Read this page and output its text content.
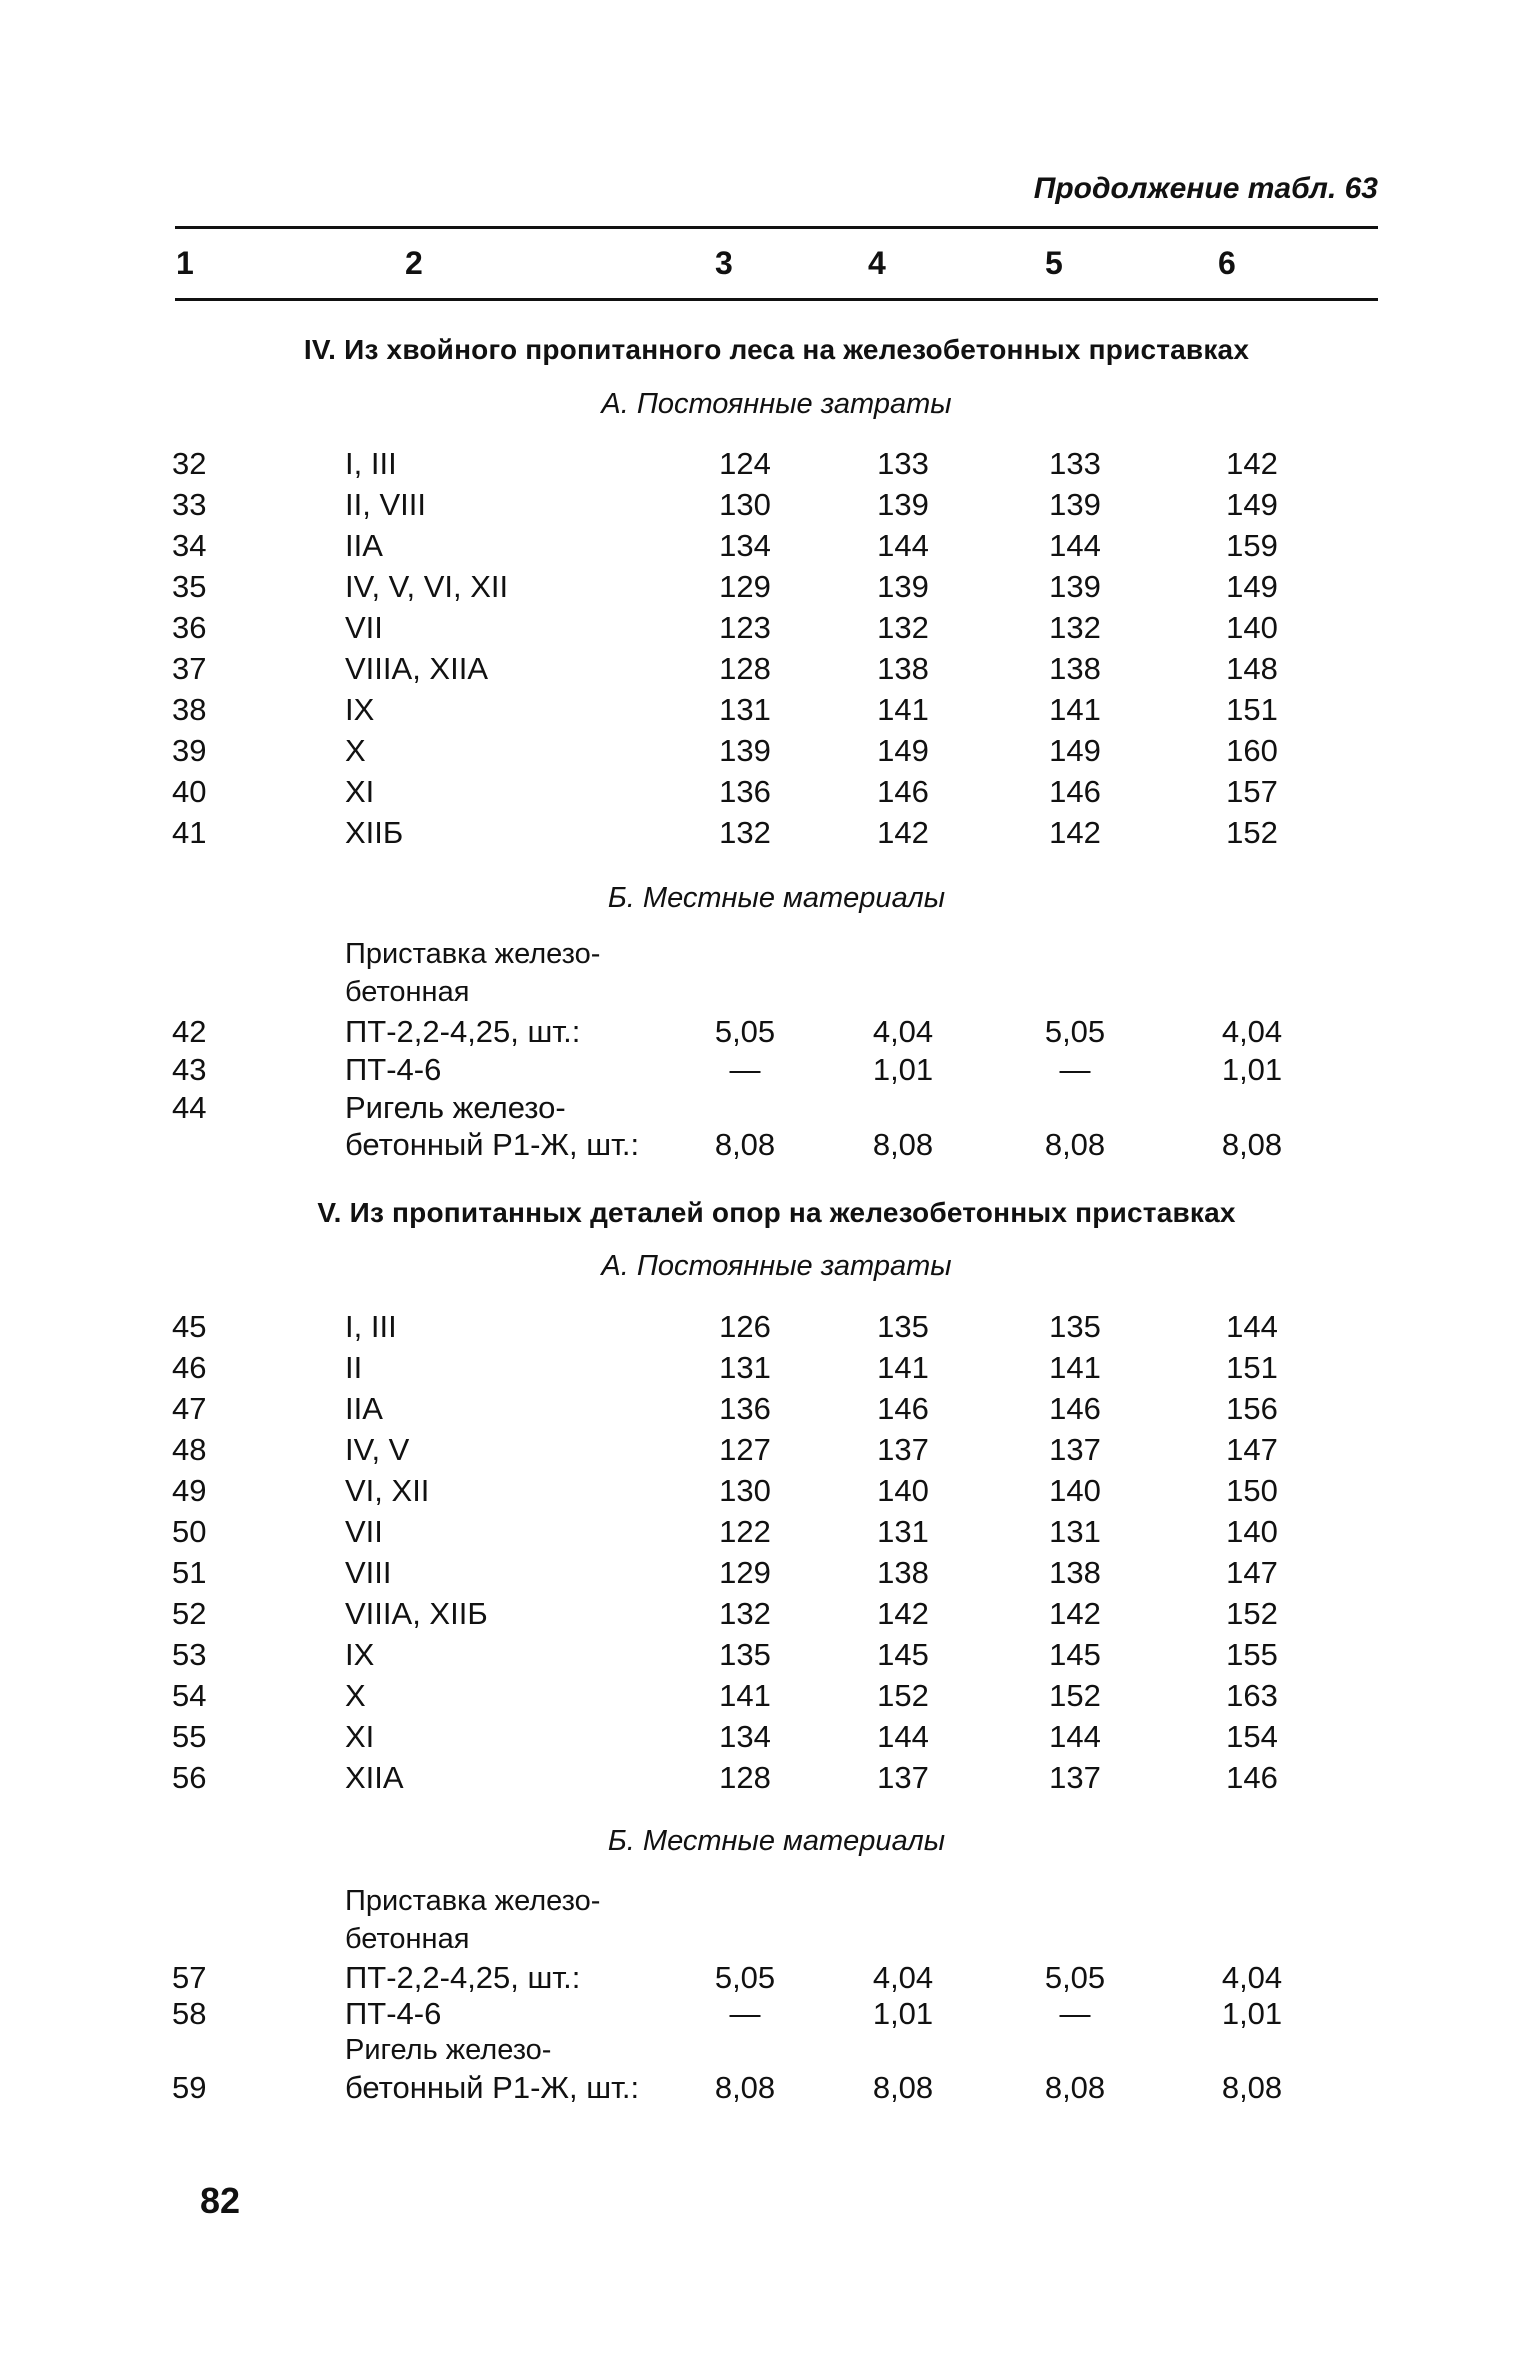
Продолжение табл. 63
1	2	3	4	5	6
IV. Из хвойного пропитанного леса на железобетонных приставках
А. Постоянные затраты
32	I, III	124	133	133	142
33	II, VIII	130	139	139	149
34	IIА	134	144	144	159
35	IV, V, VI, XII	129	139	139	149
36	VII	123	132	132	140
37	VIIIА, XIIА	128	138	138	148
38	IX	131	141	141	151
39	X	139	149	149	160
40	XI	136	146	146	157
41	XIIБ	132	142	142	152
Б. Местные материалы
Приставка железо-
бетонная
42	ПТ-2,2-4,25, шт.:	5,05	4,04	5,05	4,04
43	ПТ-4-6	—	1,01	—	1,01
44	Ригель железо-
бетонный Р1-Ж, шт.:	8,08	8,08	8,08	8,08
V. Из пропитанных деталей опор на железобетонных приставках
А. Постоянные затраты
45	I, III	126	135	135	144
46	II	131	141	141	151
47	IIА	136	146	146	156
48	IV, V	127	137	137	147
49	VI, XII	130	140	140	150
50	VII	122	131	131	140
51	VIII	129	138	138	147
52	VIIIА, XIIБ	132	142	142	152
53	IX	135	145	145	155
54	X	141	152	152	163
55	XI	134	144	144	154
56	XIIА	128	137	137	146
Б. Местные материалы
Приставка железо-
бетонная
57	ПТ-2,2-4,25, шт.:	5,05	4,04	5,05	4,04
58	ПТ-4-6	—	1,01	—	1,01
Ригель железо-
59	бетонный Р1-Ж, шт.:	8,08	8,08	8,08	8,08
82
